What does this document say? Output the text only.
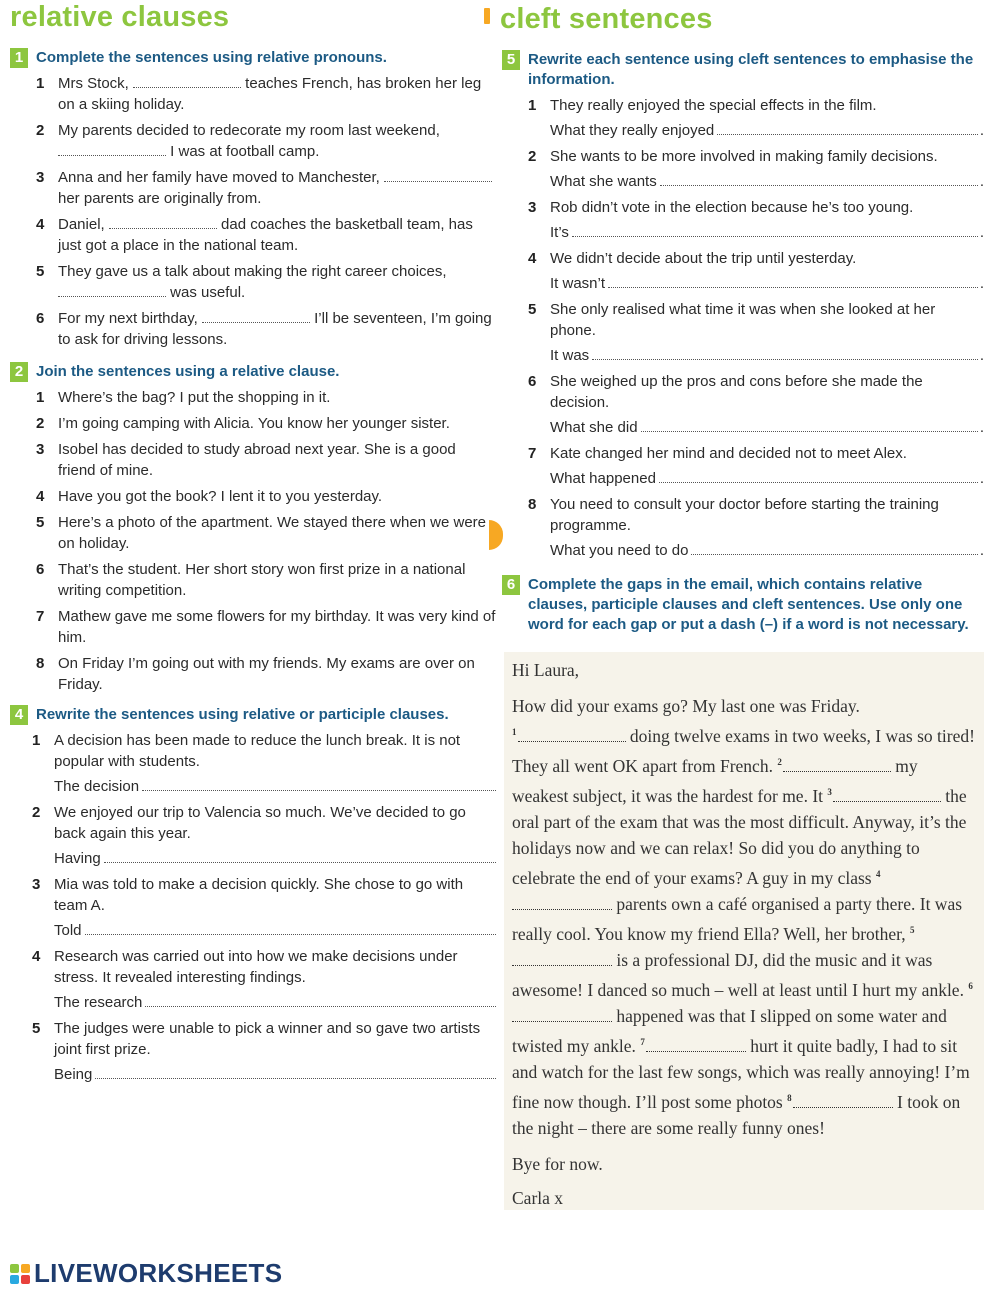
relative clauses	cleft sentences
1 Complete the sentences using relative pronouns.
1 Mrs Stock,	teaches French, has broken her leg on a skiing holiday.
2 My parents decided to redecorate my room last weekend,  I was at football camp.
3 Anna and her family have moved to Manchester,  her parents are originally from.
4 Daniel,	dad coaches the basketball team, has just got a place in the national team.
5 They gave us a talk about making the right career choices,  was useful.
6 For my next birthday,	I’ll be seventeen, I’m going to ask for driving lessons.
2 Join the sentences using a relative clause.
1 Where’s the bag? I put the shopping in it.
2 I’m going camping with Alicia. You know her younger sister.
3 Isobel has decided to study abroad next year. She is a good friend of mine.
4 Have you got the book? I lent it to you yesterday.
5 Here’s a photo of the apartment. We stayed there when we were on holiday.
6 That’s the student. Her short story won first prize in a national writing competition.
7 Mathew gave me some flowers for my birthday. It was very kind of him.
8 On Friday I’m going out with my friends. My exams are over on Friday.
4 Rewrite the sentences using relative or participle clauses.
1 A decision has been made to reduce the lunch break. It is not popular with students.
The decision
2 We enjoyed our trip to Valencia so much. We’ve decided to go back again this year.
Having
3 Mia was told to make a decision quickly. She chose to go with team A.
Told
4 Research was carried out into how we make decisions under stress. It revealed interesting findings.
The research
5 The judges were unable to pick a winner and so gave two artists joint first prize.
Being
5 Rewrite each sentence using cleft sentences to emphasise the information.
1 They really enjoyed the special effects in the film.
What they really enjoyed	.
2 She wants to be more involved in making family decisions.
What she wants	.
3 Rob didn’t vote in the election because he’s too young.
It’s	.
4 We didn’t decide about the trip until yesterday.
It wasn’t	.
5 She only realised what time it was when she looked at her phone.
It was	.
6 She weighed up the pros and cons before she made the decision.
What she did	.
7 Kate changed her mind and decided not to meet Alex.
What happened	.
8 You need to consult your doctor before starting the training programme.
What you need to do	.
6 Complete the gaps in the email, which contains relative clauses, participle clauses and cleft sentences. Use only one word for each gap or put a dash (–) if a word is not necessary.

Hi Laura,

How did your exams go? My last one was Friday.
$^1$	doing twelve exams in two weeks, I was so tired! They all went OK apart from French. $^2$	my weakest subject, it was the hardest for me. It $^3$	the oral part of the exam that was the most difficult. Anyway, it’s the holidays now and we can relax! So did you do anything to celebrate the end of your exams? A guy in my class $^4$ parents own a café organised a party there. It was really cool. You know my friend Ella? Well, her brother, $^5$ is a professional DJ, did the music and it was awesome! I danced so much – well at least until I hurt my ankle. $^6$ happened was that I slipped on some water and twisted my ankle. $^7$	hurt it quite badly, I had to sit and watch for the last few songs, which was really annoying! I’m fine now though. I’ll post some photos $^8$	I took on the night – there are some really funny ones!

Bye for now.

Carla x

LIVEWORKSHEETS
